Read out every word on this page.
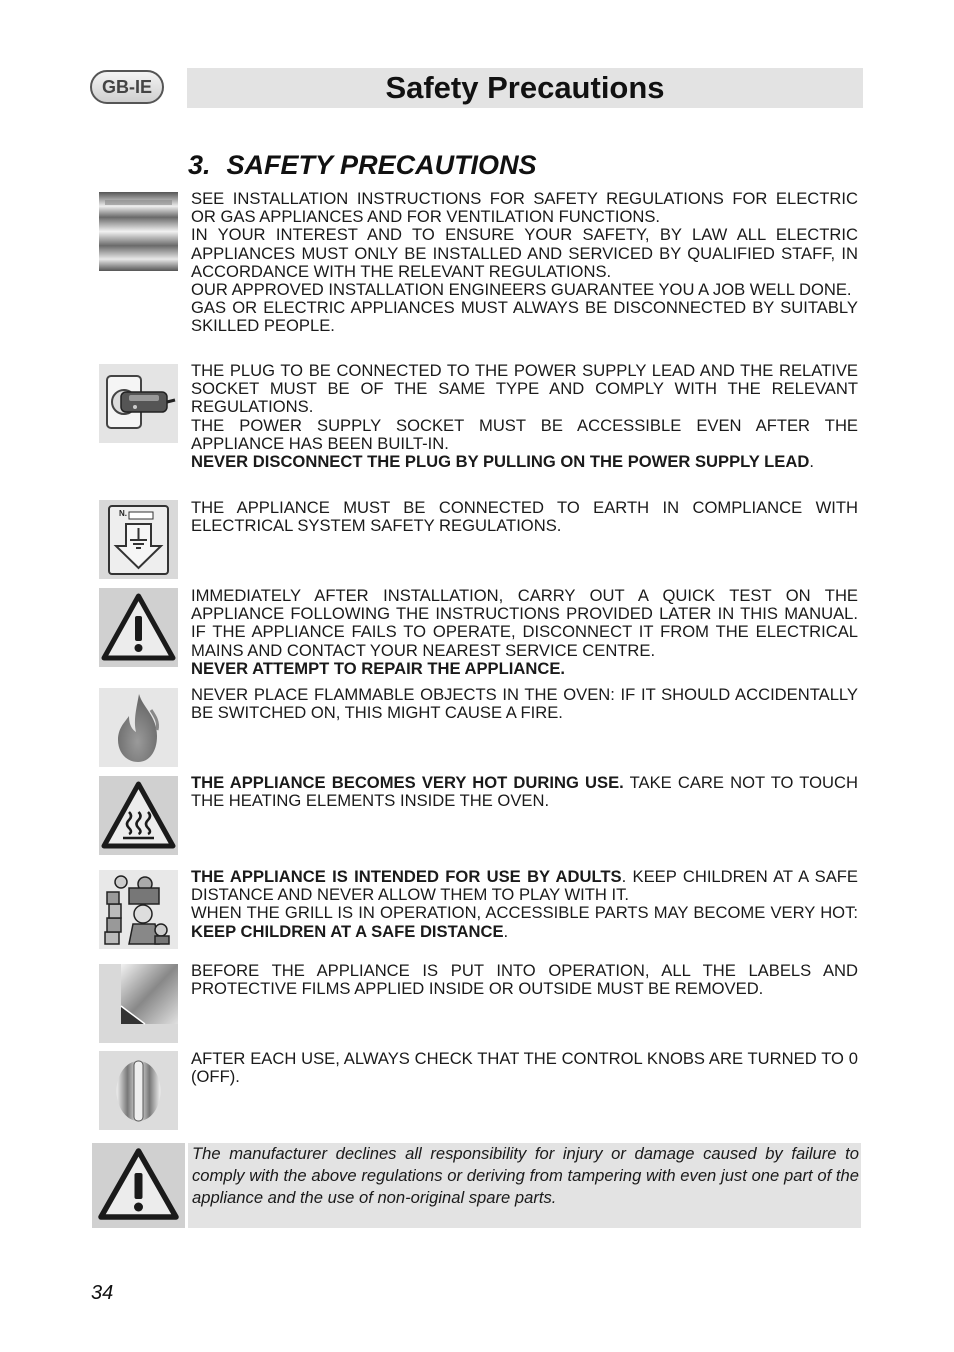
GB-IE	Safety Precautions
3. SAFETY PRECAUTIONS

SEE INSTALLATION INSTRUCTIONS FOR SAFETY REGULATIONS FOR ELECTRIC OR GAS APPLIANCES AND FOR VENTILATION FUNCTIONS.

IN YOUR INTEREST AND TO ENSURE YOUR SAFETY, BY LAW ALL ELECTRIC APPLIANCES MUST ONLY BE INSTALLED AND SERVICED BY QUALIFIED STAFF, IN ACCORDANCE WITH THE RELEVANT REGULATIONS.

OUR APPROVED INSTALLATION ENGINEERS GUARANTEE YOU A JOB WELL DONE.

GAS OR ELECTRIC APPLIANCES MUST ALWAYS BE DISCONNECTED BY SUITABLY SKILLED PEOPLE.

THE PLUG TO BE CONNECTED TO THE POWER SUPPLY LEAD AND THE RELATIVE SOCKET MUST BE OF THE SAME TYPE AND COMPLY WITH THE RELEVANT REGULATIONS.

THE POWER SUPPLY SOCKET MUST BE ACCESSIBLE EVEN AFTER THE APPLIANCE HAS BEEN BUILT-IN.

NEVER DISCONNECT THE PLUG BY PULLING ON THE POWER SUPPLY LEAD.

N.	THE APPLIANCE MUST BE CONNECTED TO EARTH IN COMPLIANCE WITH ELECTRICAL SYSTEM SAFETY REGULATIONS.

IMMEDIATELY AFTER INSTALLATION, CARRY OUT A QUICK TEST ON THE APPLIANCE FOLLOWING THE INSTRUCTIONS PROVIDED LATER IN THIS MANUAL. IF THE APPLIANCE FAILS TO OPERATE, DISCONNECT IT FROM THE ELECTRICAL MAINS AND CONTACT YOUR NEAREST SERVICE CENTRE.

NEVER ATTEMPT TO REPAIR THE APPLIANCE.

NEVER PLACE FLAMMABLE OBJECTS IN THE OVEN: IF IT SHOULD ACCIDENTALLY BE SWITCHED ON, THIS MIGHT CAUSE A FIRE.

THE APPLIANCE BECOMES VERY HOT DURING USE. TAKE CARE NOT TO TOUCH THE HEATING ELEMENTS INSIDE THE OVEN.

THE APPLIANCE IS INTENDED FOR USE BY ADULTS. KEEP CHILDREN AT A SAFE DISTANCE AND NEVER ALLOW THEM TO PLAY WITH IT.

WHEN THE GRILL IS IN OPERATION, ACCESSIBLE PARTS MAY BECOME VERY HOT: KEEP CHILDREN AT A SAFE DISTANCE.

BEFORE THE APPLIANCE IS PUT INTO OPERATION, ALL THE LABELS AND PROTECTIVE FILMS APPLIED INSIDE OR OUTSIDE MUST BE REMOVED.

AFTER EACH USE, ALWAYS CHECK THAT THE CONTROL KNOBS ARE TURNED TO 0 (OFF).

The manufacturer declines all responsibility for injury or damage caused by failure to comply with the above regulations or deriving from tampering with even just one part of the appliance and the use of non-original spare parts.

34
